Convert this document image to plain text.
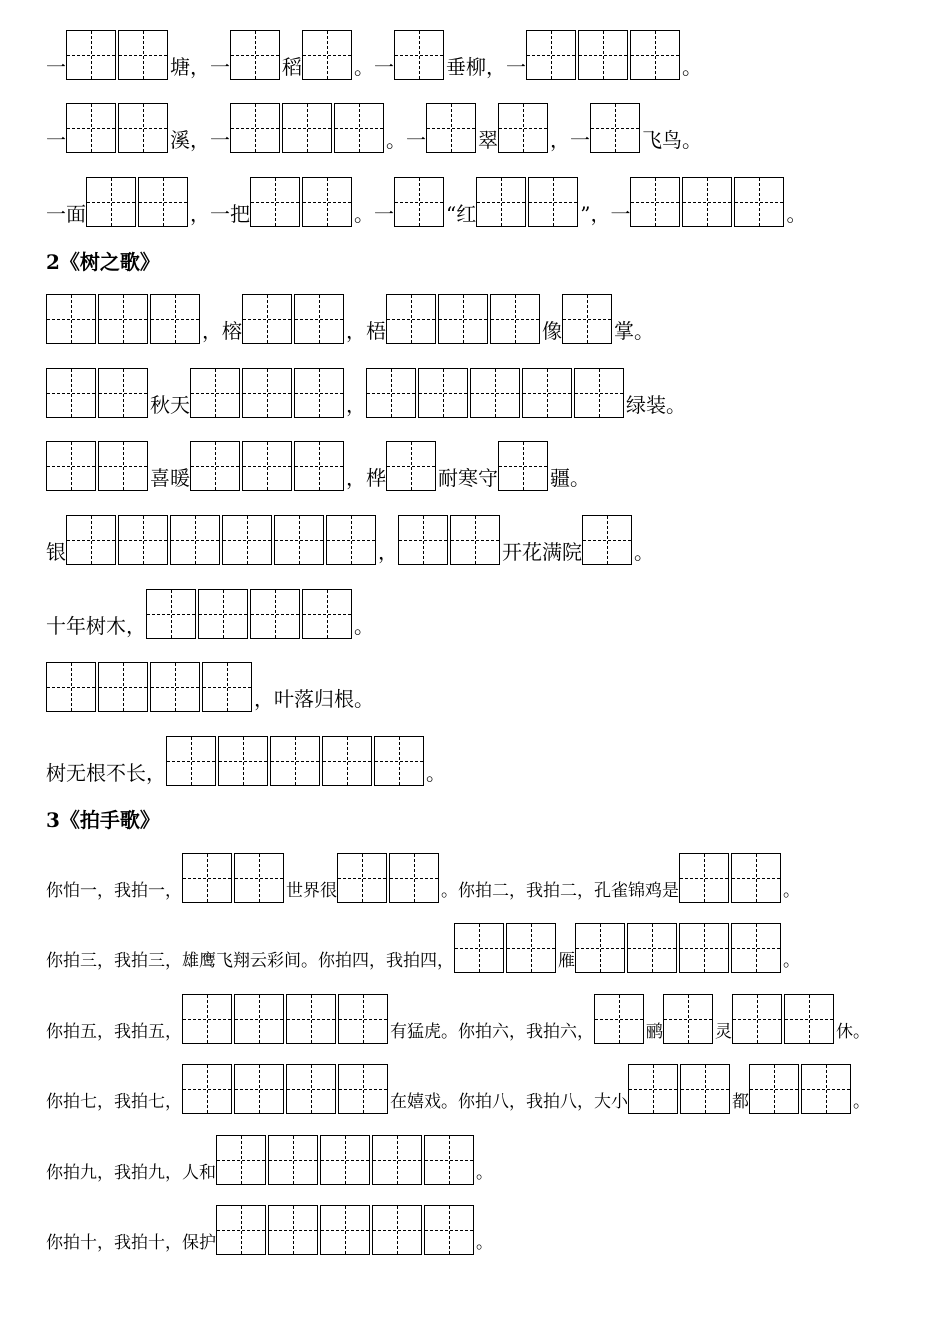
一	塘，一	稻	。一	垂柳，一	。
一	溪，一	。一	翠	，一	飞鸟。
一面	，一把	。一	“红	”，一	。
2《树之歌》
，榕	，梧	像	掌。
秋天	，	绿装。
喜暖	，桦	耐寒守	疆。
银	，	开花满院	。
十年树木，	。
，叶落归根。
树无根不长，	。
3《拍手歌》
你怕一，我拍一，	世界很	。你拍二，我拍二，孔雀锦鸡是	。
你拍三，我拍三，雄鹰飞翔云彩间。你拍四，我拍四，	雁	。
你拍五，我拍五，	有猛虎。你拍六，我拍六，	鹂	灵	休。
你拍七，我拍七，	在嬉戏。你拍八，我拍八，大小	都	。
你拍九，我拍九，人和	。
你拍十，我拍十，保护	。
